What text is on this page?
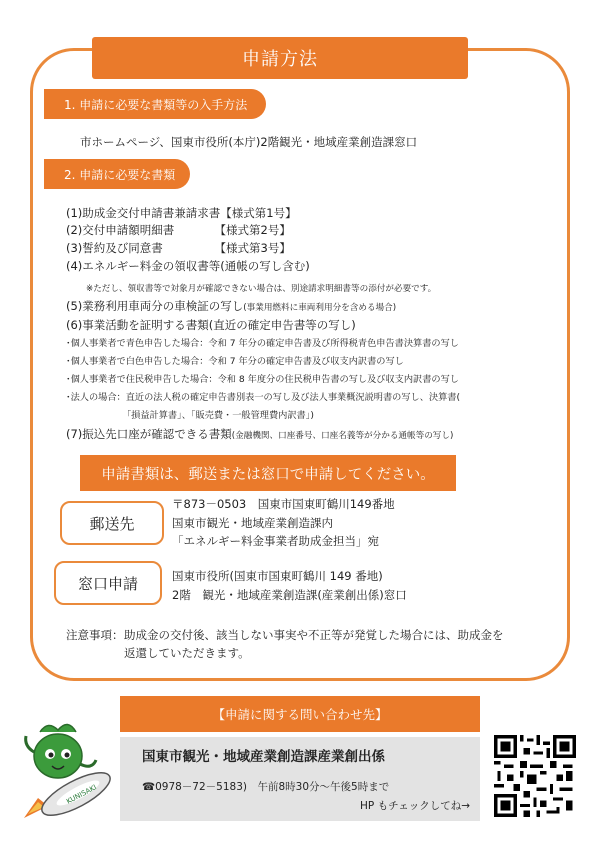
申請方法
1. 申請に必要な書類等の入手方法
市ホームページ、国東市役所(本庁)2階観光・地域産業創造課窓口
2. 申請に必要な書類
(1)助成金交付申請書兼請求書【様式第1号】
(2)交付申請額明細書　　　　【様式第2号】
(3)誓約及び同意書　　　　　【様式第3号】
(4)エネルギー料金の領収書等(通帳の写し含む)
※ただし、領収書等で対象月が確認できない場合は、別途請求明細書等の添付が必要です。
(5)業務利用車両分の車検証の写し(事業用燃料に車両利用分を含める場合)
(6)事業活動を証明する書類(直近の確定申告書等の写し)
･個人事業者で青色申告した場合：令和 7 年分の確定申告書及び所得税青色申告書決算書の写し
･個人事業者で白色申告した場合：令和 7 年分の確定申告書及び収支内訳書の写し
･個人事業者で住民税申告した場合：令和 8 年度分の住民税申告書の写し及び収支内訳書の写し
･法人の場合：直近の法人税の確定申告書別表一の写し及び法人事業概況説明書の写し、決算書(
「損益計算書」、「販売費・一般管理費内訳書」)
(7)振込先口座が確認できる書類(金融機関、口座番号、口座名義等が分かる通帳等の写し)
申請書類は、郵送または窓口で申請してください。
郵送先
〒873－0503　国東市国東町鶴川149番地
国東市観光・地域産業創造課内
「エネルギー料金事業者助成金担当」宛
窓口申請	国東市役所(国東市国東町鶴川 149 番地)
2階　観光・地域産業創造課(産業創出係)窓口
注意事項： 助成金の交付後、該当しない事実や不正等が発覚した場合には、助成金を
返還していただきます。
【申請に関する問い合わせ先】
国東市観光・地域産業創造課産業創出係
☎0978－72－5183)　午前8時30分～午後5時まで
HP もチェックしてね→
KUNISAKI
